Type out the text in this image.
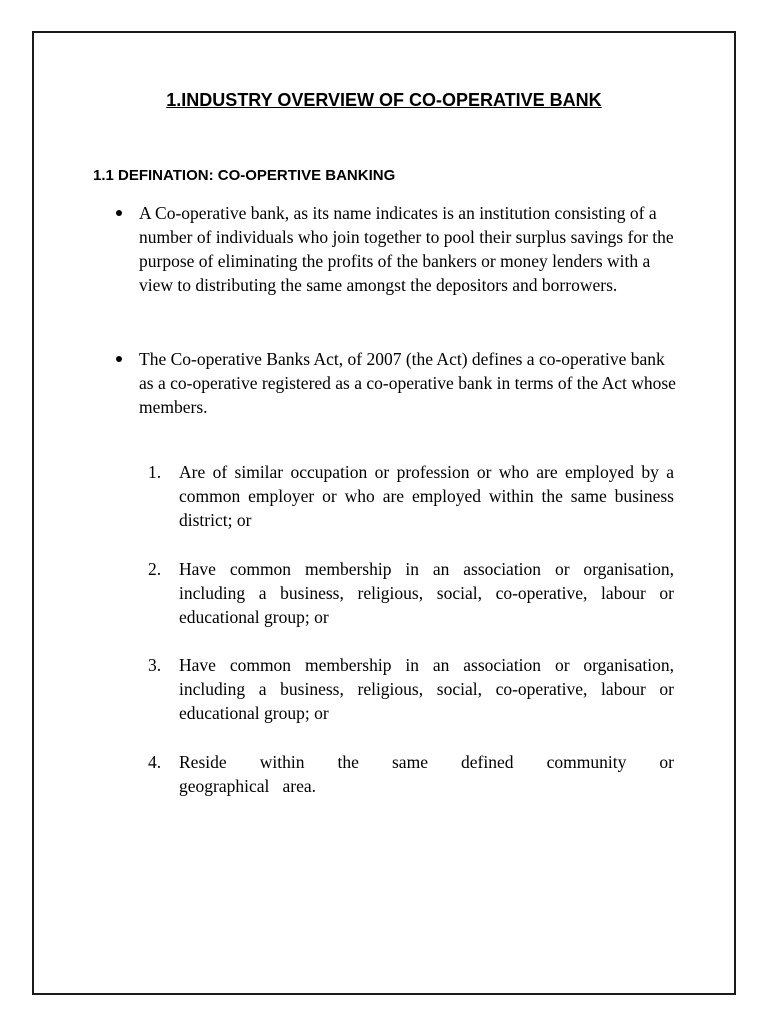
1.INDUSTRY OVERVIEW OF CO-OPERATIVE BANK
1.1 DEFINATION: CO-OPERTIVE BANKING
A Co-operative bank, as its name indicates is an institution consisting of a number of individuals who join together to pool their surplus savings for the purpose of eliminating the profits of the bankers or money lenders with a view to distributing the same amongst the depositors and borrowers.
The Co-operative Banks Act, of 2007 (the Act) defines a co-operative bank as a co-operative registered as a co-operative bank in terms of the Act whose members.
1. Are of similar occupation or profession or who are employed by a common employer or who are employed within the same business district; or
2. Have common membership in an association or organisation, including a business, religious, social, co-operative, labour or educational group; or
3. Have common membership in an association or organisation, including a business, religious, social, co-operative, labour or educational group; or
4. Reside within the same defined community or
geographical   area.
